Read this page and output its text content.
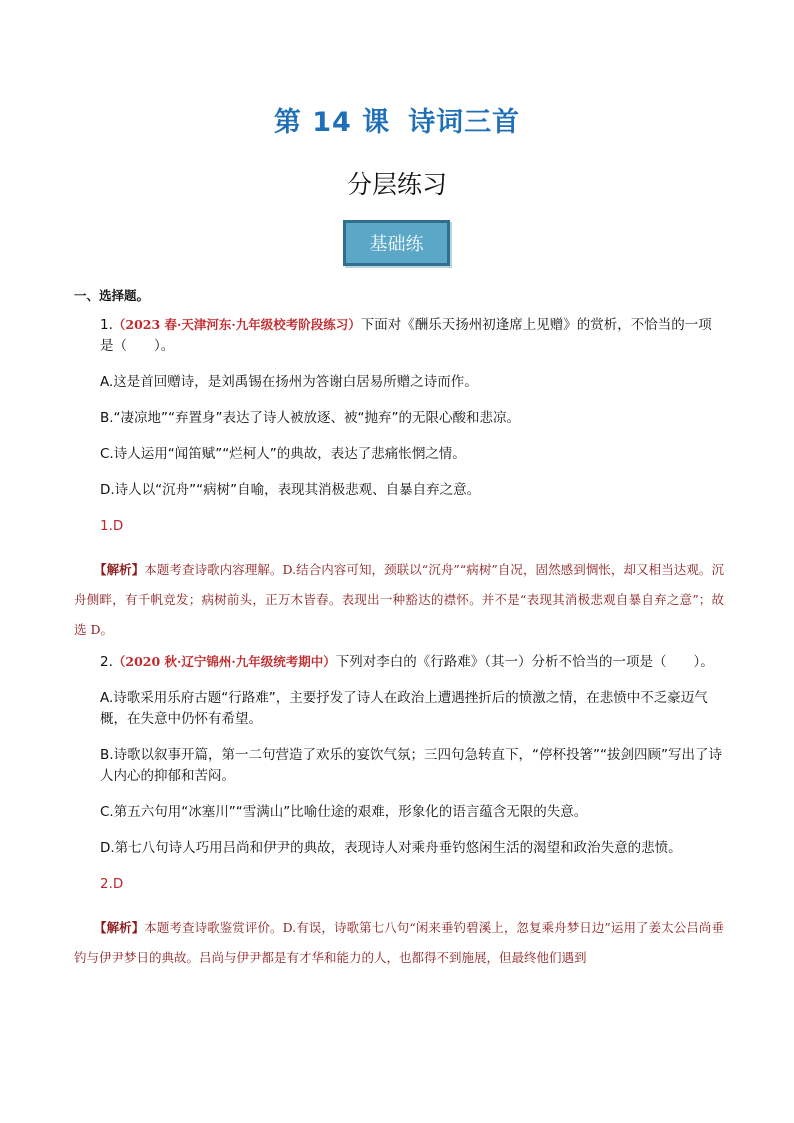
第 14 课 诗词三首
分层练习
基础练
一、选择题。

1.（2023 春·天津河东·九年级校考阶段练习）下面对《酬乐天扬州初逢席上见赠》的赏析，不恰当的一项是（　　）。

A.这是首回赠诗，是刘禹锡在扬州为答谢白居易所赠之诗而作。

B.“凄凉地”“弃置身”表达了诗人被放逐、被“抛弃”的无限心酸和悲凉。

C.诗人运用“闻笛赋”“烂柯人”的典故，表达了悲痛怅惘之情。

D.诗人以“沉舟”“病树”自喻，表现其消极悲观、自暴自弃之意。

1.D

【解析】本题考查诗歌内容理解。D.结合内容可知，颈联以“沉舟”“病树”自况，固然感到惆怅，却又相当达观。沉舟侧畔，有千帆竞发；病树前头，正万木皆春。表现出一种豁达的襟怀。并不是“表现其消极悲观自暴自弃之意”；故选 D。

2.（2020 秋·辽宁锦州·九年级统考期中）下列对李白的《行路难》（其一）分析不恰当的一项是（　　）。

A.诗歌采用乐府古题“行路难”，主要抒发了诗人在政治上遭遇挫折后的愤激之情，在悲愤中不乏豪迈气概，在失意中仍怀有希望。

B.诗歌以叙事开篇，第一二句营造了欢乐的宴饮气氛；三四句急转直下，“停杯投箸”“拔剑四顾”写出了诗人内心的抑郁和苦闷。

C.第五六句用“冰塞川”“雪满山”比喻仕途的艰难，形象化的语言蕴含无限的失意。

D.第七八句诗人巧用吕尚和伊尹的典故，表现诗人对乘舟垂钓悠闲生活的渴望和政治失意的悲愤。

2.D

【解析】本题考查诗歌鉴赏评价。D.有误，诗歌第七八句“闲来垂钓碧溪上，忽复乘舟梦日边”运用了姜太公吕尚垂钓与伊尹梦日的典故。吕尚与伊尹都是有才华和能力的人，也都得不到施展，但最终他们遇到
